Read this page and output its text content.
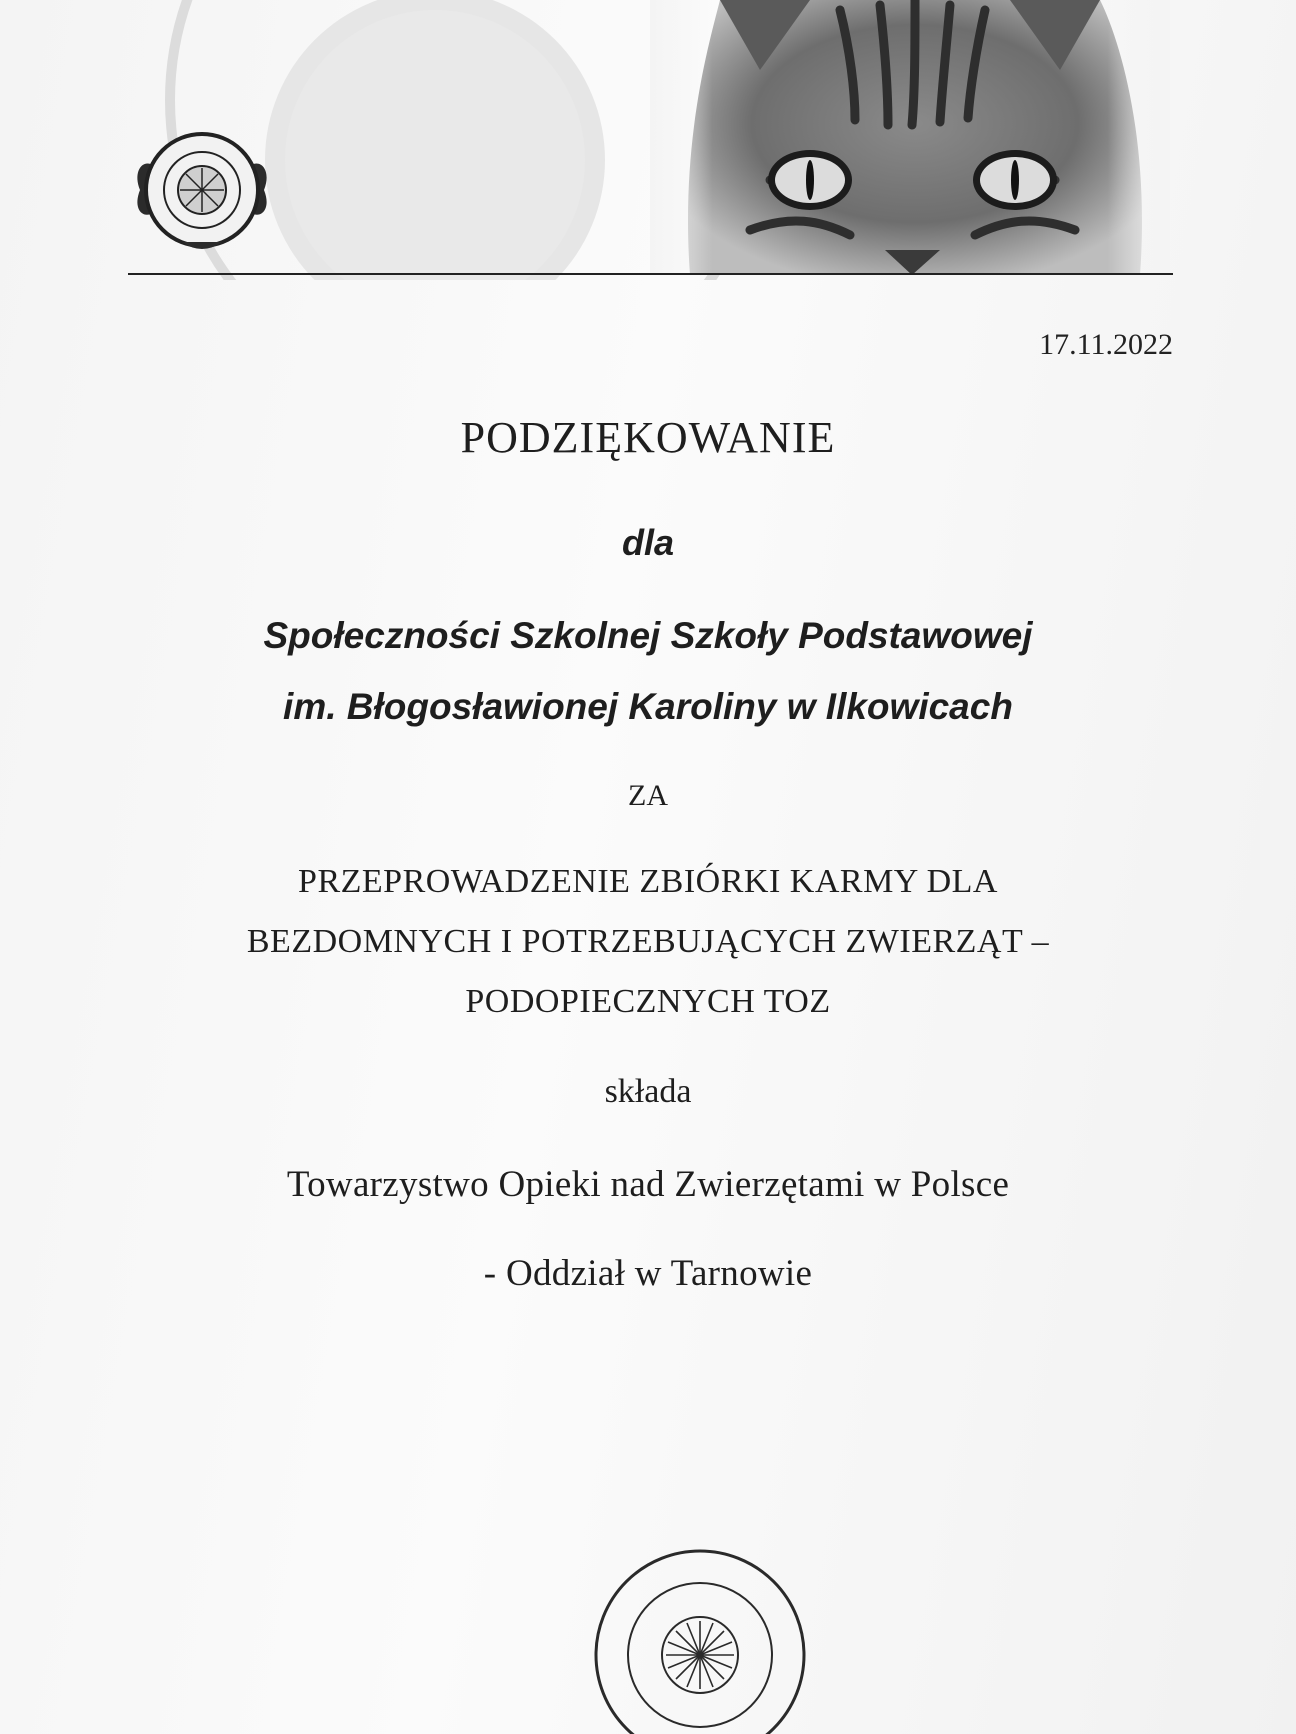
17.11.2022
PODZIĘKOWANIE
dla
Społeczności Szkolnej Szkoły Podstawowej
im. Błogosławionej Karoliny w Ilkowicach
ZA
PRZEPROWADZENIE ZBIÓRKI KARMY DLA
BEZDOMNYCH I POTRZEBUJĄCYCH ZWIERZĄT –
PODOPIECZNYCH TOZ
składa
Towarzystwo Opieki nad Zwierzętami w Polsce
- Oddział w Tarnowie
